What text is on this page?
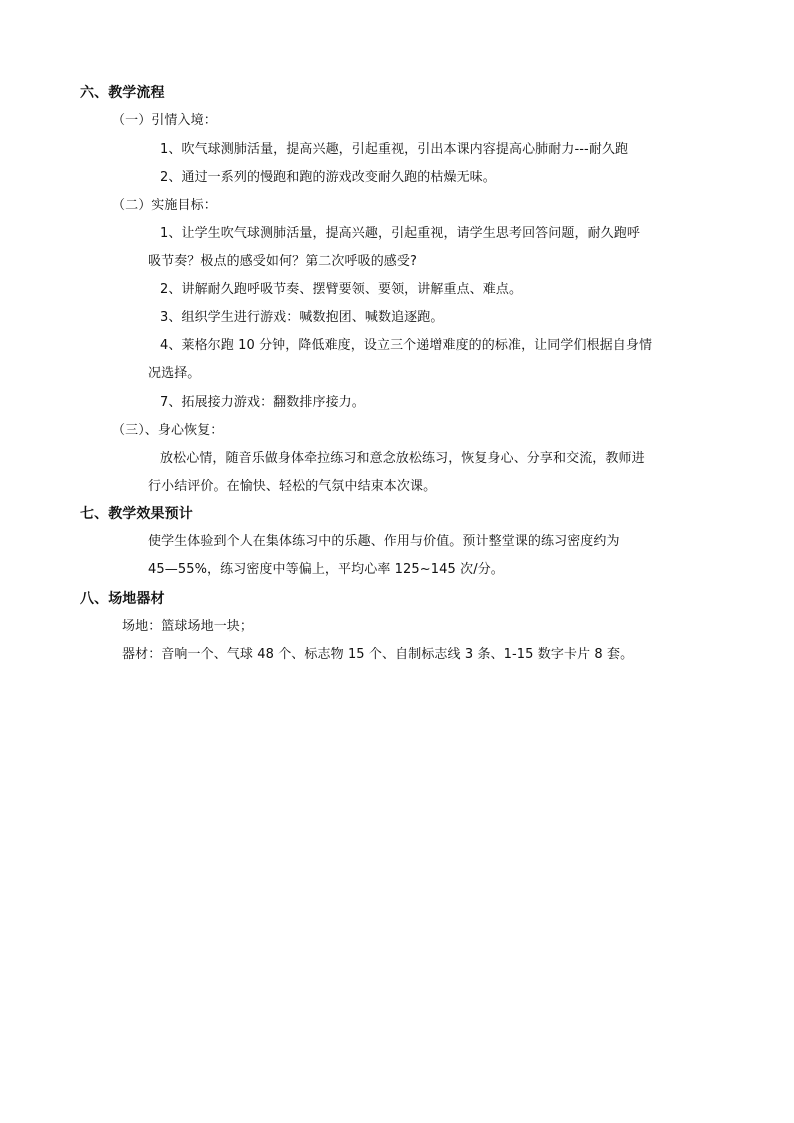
六、教学流程
（一）引情入境：
1、吹气球测肺活量，提高兴趣，引起重视，引出本课内容提高心肺耐力---耐久跑
2、通过一系列的慢跑和跑的游戏改变耐久跑的枯燥无味。
（二）实施目标：
1、让学生吹气球测肺活量，提高兴趣，引起重视，请学生思考回答问题，耐久跑呼
吸节奏？极点的感受如何？第二次呼吸的感受?
2、讲解耐久跑呼吸节奏、摆臂要领、要领，讲解重点、难点。
3、组织学生进行游戏：喊数抱团、喊数追逐跑。
4、莱格尔跑 10 分钟，降低难度，设立三个递增难度的的标准，让同学们根据自身情
况选择。
7、拓展接力游戏：翻数排序接力。
（三）、身心恢复：
放松心情，随音乐做身体牵拉练习和意念放松练习，恢复身心、分享和交流，教师进
行小结评价。在愉快、轻松的气氛中结束本次课。
七、教学效果预计
使学生体验到个人在集体练习中的乐趣、作用与价值。预计整堂课的练习密度约为
45—55%，练习密度中等偏上，平均心率 125~145 次/分。
八、场地器材
场地：篮球场地一块；
器材：音响一个、气球 48 个、标志物 15 个、自制标志线 3 条、1-15 数字卡片 8 套。
